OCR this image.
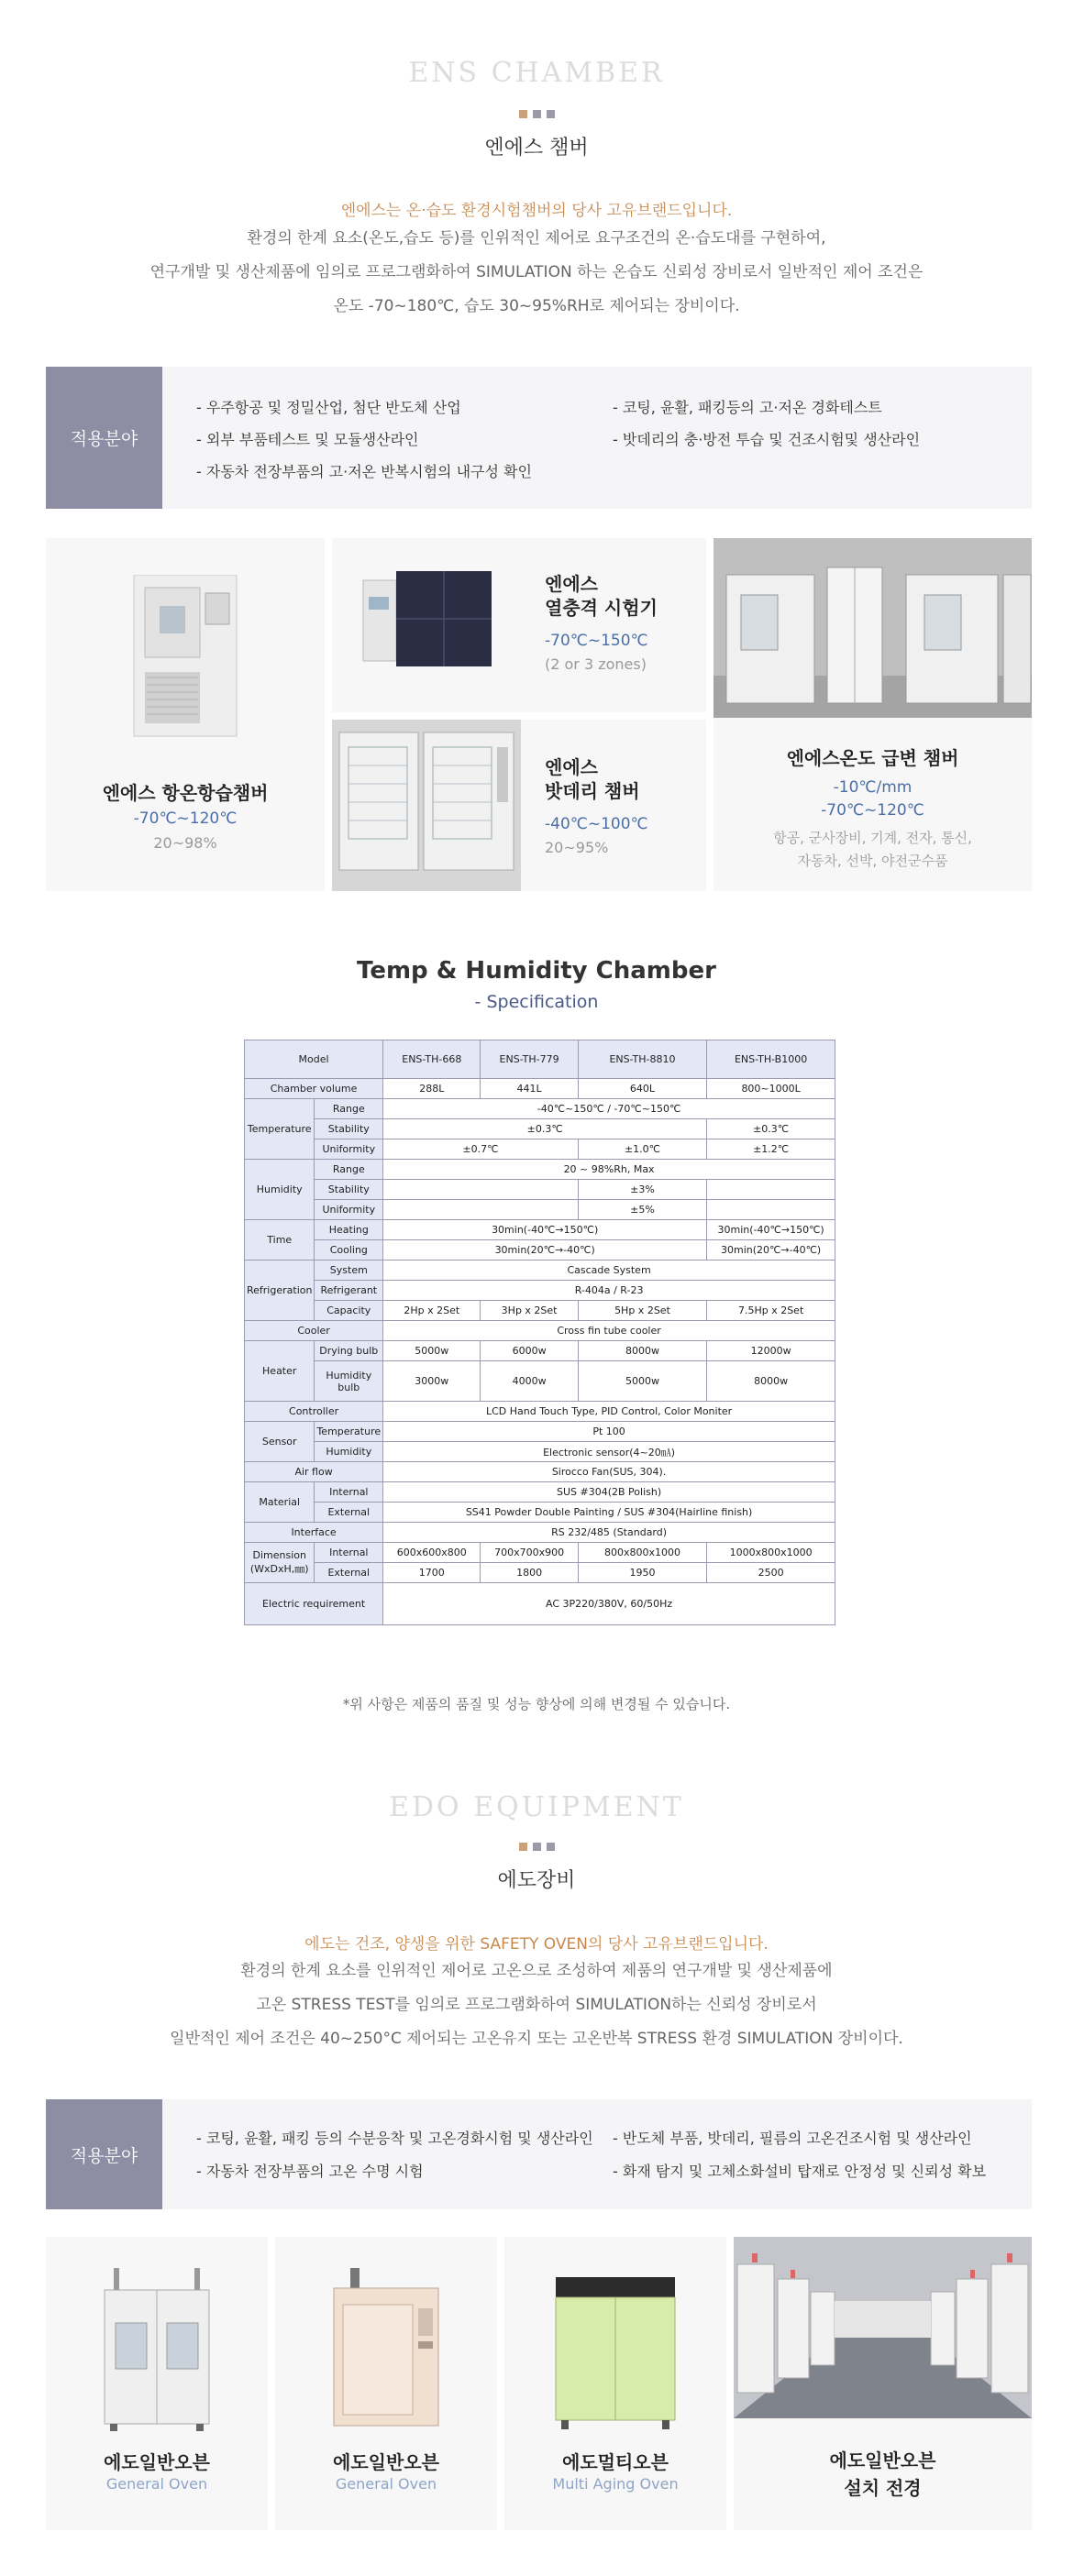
ENS CHAMBER
엔에스 챔버
엔에스는 온·습도 환경시험챔버의 당사 고유브랜드입니다.
환경의 한계 요소(온도,습도 등)를 인위적인 제어로 요구조건의 온·습도대를 구현하여,
연구개발 및 생산제품에 임의로 프로그램화하여 SIMULATION 하는 온습도 신뢰성 장비로서 일반적인 제어 조건은
온도 -70~180℃, 습도 30~95%RH로 제어되는 장비이다.
적용분야
- 우주항공 및 정밀산업, 첨단 반도체 산업
- 외부 부품테스트 및 모듈생산라인
- 자동차 전장부품의 고·저온 반복시험의 내구성 확인
- 코팅, 윤활, 패킹등의 고·저온 경화테스트
- 밧데리의 충·방전 투습 및 건조시험및 생산라인
엔에스 항온항습챔버
-70℃~120℃
20~98%
엔에스
열충격 시험기
-70℃~150℃
(2 or 3 zones)
엔에스
밧데리 챔버
-40℃~100℃
20~95%
엔에스온도 급변 챔버
-10℃/mm
-70℃~120℃
항공, 군사장비, 기계, 전자, 통신,
자동차, 선박, 야전군수품
Temp & Humidity Chamber
- Specification
Model		ENS-TH-668	ENS-TH-779	ENS-TH-8810	ENS-TH-B1000
Chamber volume		288L	441L	640L	800~1000L
Temperature	Range	-40℃~150℃ / -70℃~150℃			
	Stability	±0.3℃			±0.3℃
	Uniformity	±0.7℃		±1.0℃	±1.2℃
Humidity	Range	20 ~ 98%Rh, Max			
	Stability			±3%	
	Uniformity			±5%	
Time	Heating	30min(-40℃→150℃)			30min(-40℃→150℃)
	Cooling	30min(20℃→-40℃)			30min(20℃→-40℃)
Refrigeration	System	Cascade System			
	Refrigerant	R-404a / R-23			
	Capacity	2Hp x 2Set	3Hp x 2Set	5Hp x 2Set	7.5Hp x 2Set
Cooler		Cross fin tube cooler			
Heater	Drying bulb	5000w	6000w	8000w	12000w

	Humidity
bulb	3000w	4000w	5000w	8000w
Controller		LCD Hand Touch Type, PID Control, Color Moniter			
Sensor	Temperature	Pt 100			
	Humidity	Electronic sensor(4~20㎃)			
Air flow		Sirocco Fan(SUS, 304).			
Material	Internal	SUS #304(2B Polish)			
	External	SS41 Powder Double Painting / SUS #304(Hairline finish)			
Interface		RS 232/485 (Standard)			

Dimension
(WxDxH,㎜)	Internal	600x600x800	700x700x900	800x800x1000	1000x800x1000
	External	1700	1800	1950	2500
Electric requirement		AC 3P220/380V, 60/50Hz			
*위 사항은 제품의 품질 및 성능 향상에 의해 변경될 수 있습니다.
EDO EQUIPMENT
에도장비
에도는 건조, 양생을 위한 SAFETY OVEN의 당사 고유브랜드입니다.
환경의 한계 요소를 인위적인 제어로 고온으로 조성하여 제품의 연구개발 및 생산제품에
고온 STRESS TEST를 임의로 프로그램화하여 SIMULATION하는 신뢰성 장비로서
일반적인 제어 조건은 40~250°C 제어되는 고온유지 또는 고온반복 STRESS 환경 SIMULATION 장비이다.
적용분야
- 코팅, 윤활, 패킹 등의 수분응착 및 고온경화시험 및 생산라인
- 자동차 전장부품의 고온 수명 시험
- 반도체 부품, 밧데리, 필름의 고온건조시험 및 생산라인
- 화재 탐지 및 고체소화설비 탑재로 안정성 및 신뢰성 확보
에도일반오븐
General Oven
에도일반오븐
General Oven
에도멀티오븐
Multi Aging Oven
에도일반오븐
설치 전경
